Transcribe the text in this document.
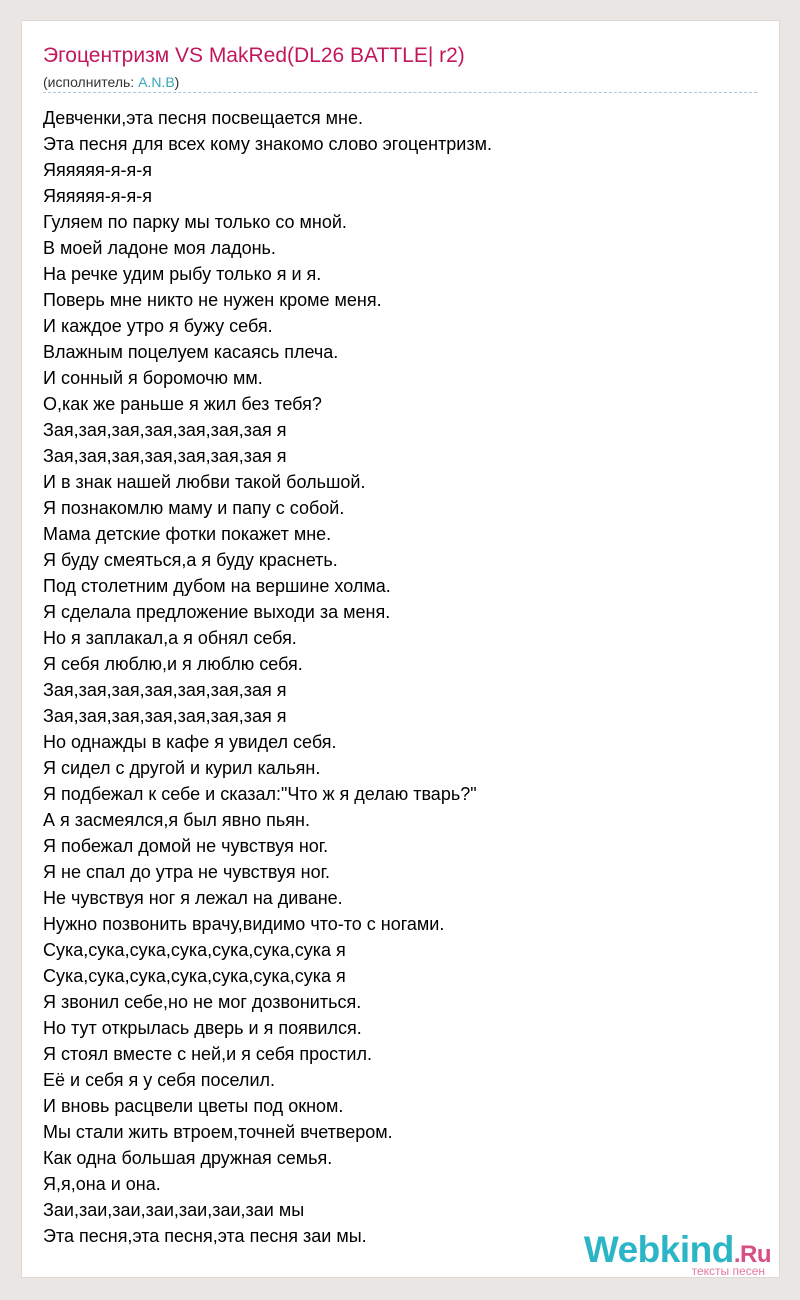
Эгоцентризм VS MakRed(DL26 BATTLE| r2)
(исполнитель: A.N.B)
Девченки,эта песня посвещается мне.
Эта песня для всех кому знакомо слово эгоцентризм.
Яяяяяя-я-я-я
Яяяяяя-я-я-я
Гуляем по парку мы только со мной.
В моей ладоне моя ладонь.
На речке удим рыбу только я и я.
Поверь мне никто не нужен кроме меня.
И каждое утро я бужу себя.
Влажным поцелуем касаясь плеча.
И сонный я боромочю мм.
О,как же раньше я жил без тебя?
Зая,зая,зая,зая,зая,зая,зая я
Зая,зая,зая,зая,зая,зая,зая я
И в знак нашей любви такой большой.
Я познакомлю маму и папу с собой.
Мама детские фотки покажет мне.
Я буду смеяться,а я буду краснеть.
Под столетним дубом на вершине холма.
Я сделала предложение выходи за меня.
Но я заплакал,а я обнял себя.
Я себя люблю,и я люблю себя.
Зая,зая,зая,зая,зая,зая,зая я
Зая,зая,зая,зая,зая,зая,зая я
Но однажды в кафе я увидел себя.
Я сидел с другой и курил кальян.
Я подбежал к себе и сказал:"Что ж я делаю тварь?"
А я засмеялся,я был явно пьян.
Я побежал домой не чувствуя ног.
Я не спал до утра не чувствуя ног.
Не чувствуя ног я лежал на диване.
Нужно позвонить врачу,видимо что-то с ногами.
Сука,сука,сука,сука,сука,сука,сука я
Сука,сука,сука,сука,сука,сука,сука я
Я звонил себе,но не мог дозвониться.
Но тут открылась дверь и я появился.
Я стоял вместе с ней,и я себя простил.
Её и себя я у себя поселил.
И вновь расцвели цветы под окном.
Мы стали жить втроем,точней вчетвером.
Как одна большая дружная семья.
Я,я,она и она.
Заи,заи,заи,заи,заи,заи,заи мы
Эта песня,эта песня,эта песня заи мы.	Webkind.Ru
тексты песен
